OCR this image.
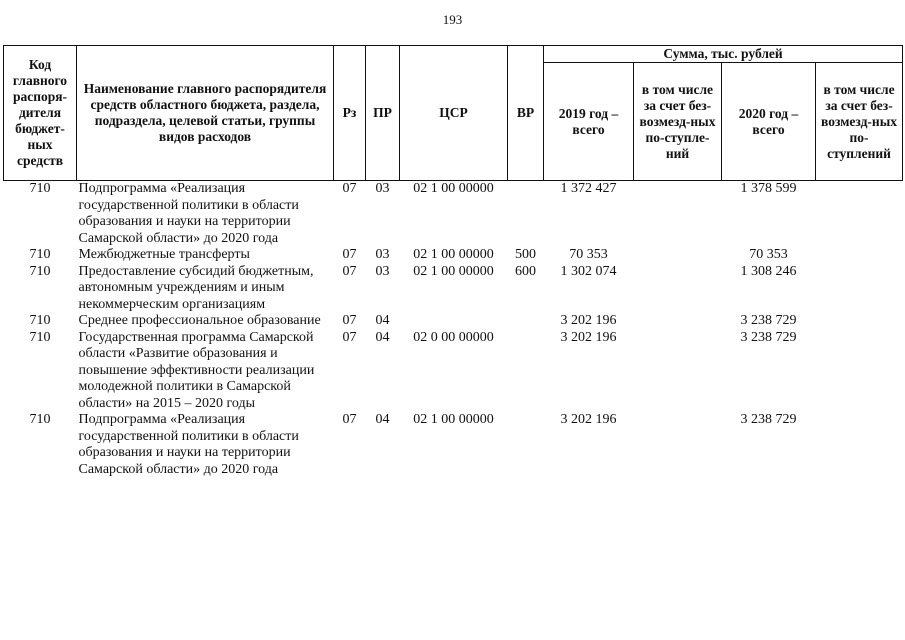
193
Код главного распоря-дителя бюджет-ных средств	Наименование главного распорядителя средств областного бюджета, раздела, подраздела, целевой статьи, группы видов расходов	Рз	ПР	ЦСР	ВР	Сумма, тыс. рублей			
						2019 год – всего	в том числе за счет без-возмезд-ных по-ступле-ний	2020 год – всего	в том числе за счет без-возмезд-ных по-ступлений
710	Подпрограмма «Реализация государственной политики в области образования и науки на территории Самарской области» до 2020 года	07	03	02 1 00 00000		1 372 427		1 378 599	
710	Межбюджетные трансферты	07	03	02 1 00 00000	500	70 353		70 353	
710	Предоставление субсидий бюджетным, автономным учреждениям и иным некоммерческим организациям	07	03	02 1 00 00000	600	1 302 074		1 308 246	
710	Среднее профессиональное образование	07	04			3 202 196		3 238 729	
710	Государственная программа Самарской области «Развитие образования и повышение эффективности реализации молодежной политики в Самарской области» на 2015 – 2020 годы	07	04	02 0 00 00000		3 202 196		3 238 729	
710	Подпрограмма «Реализация государственной политики в области образования и науки на территории Самарской области» до 2020 года	07	04	02 1 00 00000		3 202 196		3 238 729	
